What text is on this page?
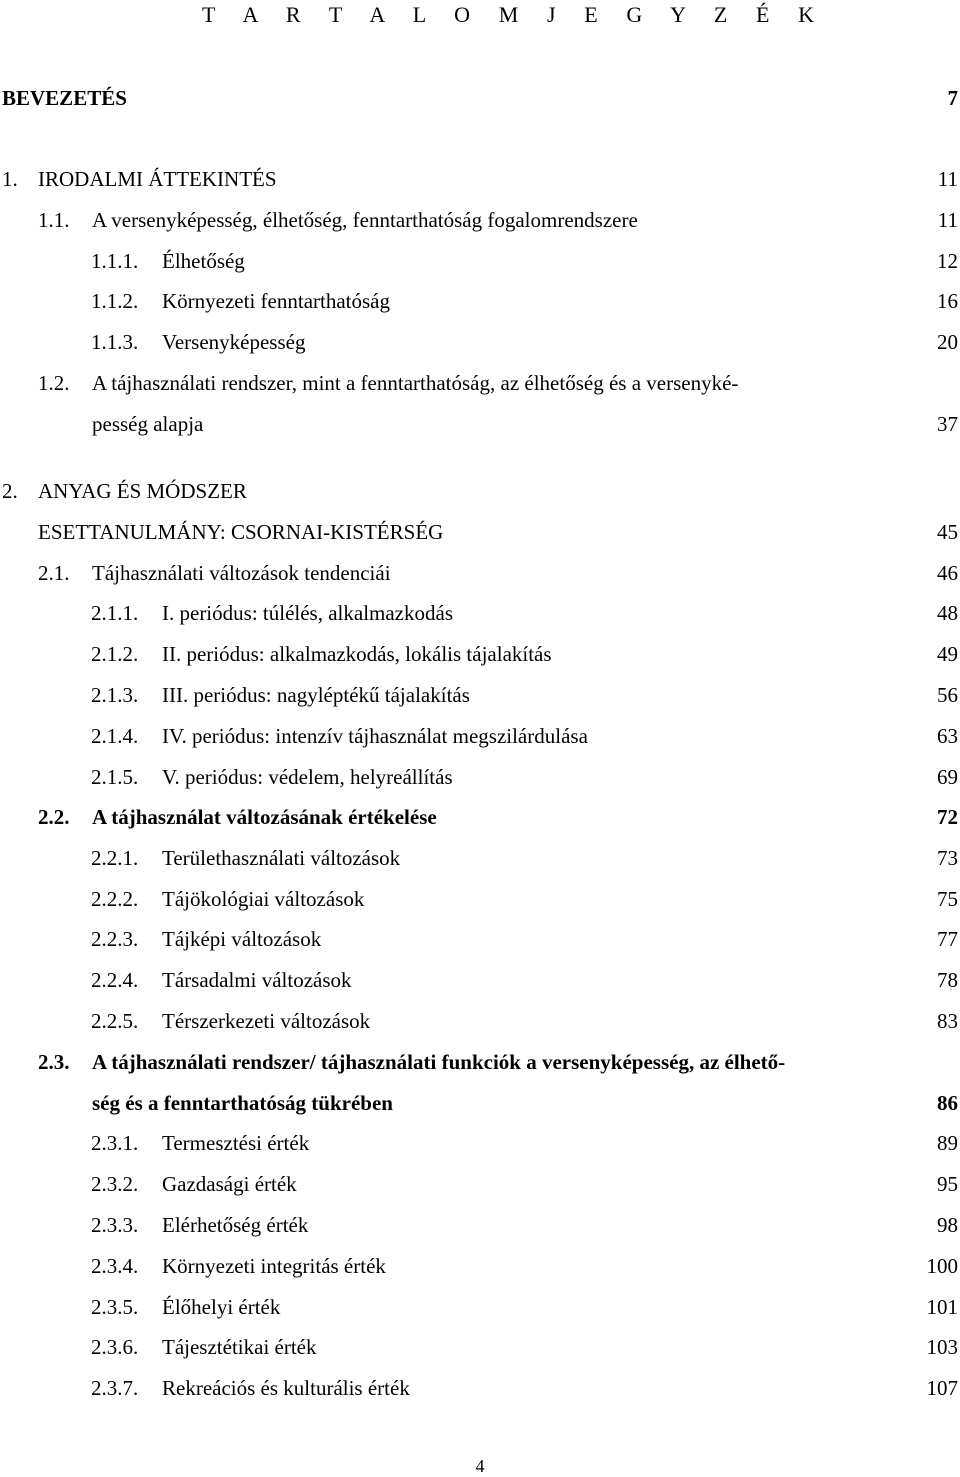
T A R T A L O M J E G Y Z É K
BEVEZETÉS	7
1. IRODALMI ÁTTEKINTÉS	11
1.1. A versenyképesség, élhetőség, fenntarthatóság fogalomrendszere	11
1.1.1. Élhetőség	12
1.1.2. Környezeti fenntarthatóság	16
1.1.3. Versenyképesség	20
1.2. A tájhasználati rendszer, mint a fenntarthatóság, az élhetőség és a versenyké-
pesség alapja	37
2. ANYAG ÉS MÓDSZER
ESETTANULMÁNY: CSORNAI-KISTÉRSÉG	45
2.1. Tájhasználati változások tendenciái	46
2.1.1. I. periódus: túlélés, alkalmazkodás	48
2.1.2. II. periódus: alkalmazkodás, lokális tájalakítás	49
2.1.3. III. periódus: nagyléptékű tájalakítás	56
2.1.4. IV. periódus: intenzív tájhasználat megszilárdulása	63
2.1.5. V. periódus: védelem, helyreállítás	69
2.2. A tájhasználat változásának értékelése	72
2.2.1. Területhasználati változások	73
2.2.2. Tájökológiai változások	75
2.2.3. Tájképi változások	77
2.2.4. Társadalmi változások	78
2.2.5. Térszerkezeti változások	83
2.3. A tájhasználati rendszer/ tájhasználati funkciók a versenyképesség, az élhető-
ség és a fenntarthatóság tükrében	86
2.3.1. Termesztési érték	89
2.3.2. Gazdasági érték	95
2.3.3. Elérhetőség érték	98
2.3.4. Környezeti integritás érték	100
2.3.5. Élőhelyi érték	101
2.3.6. Tájesztétikai érték	103
2.3.7. Rekreációs és kulturális érték	107
4
